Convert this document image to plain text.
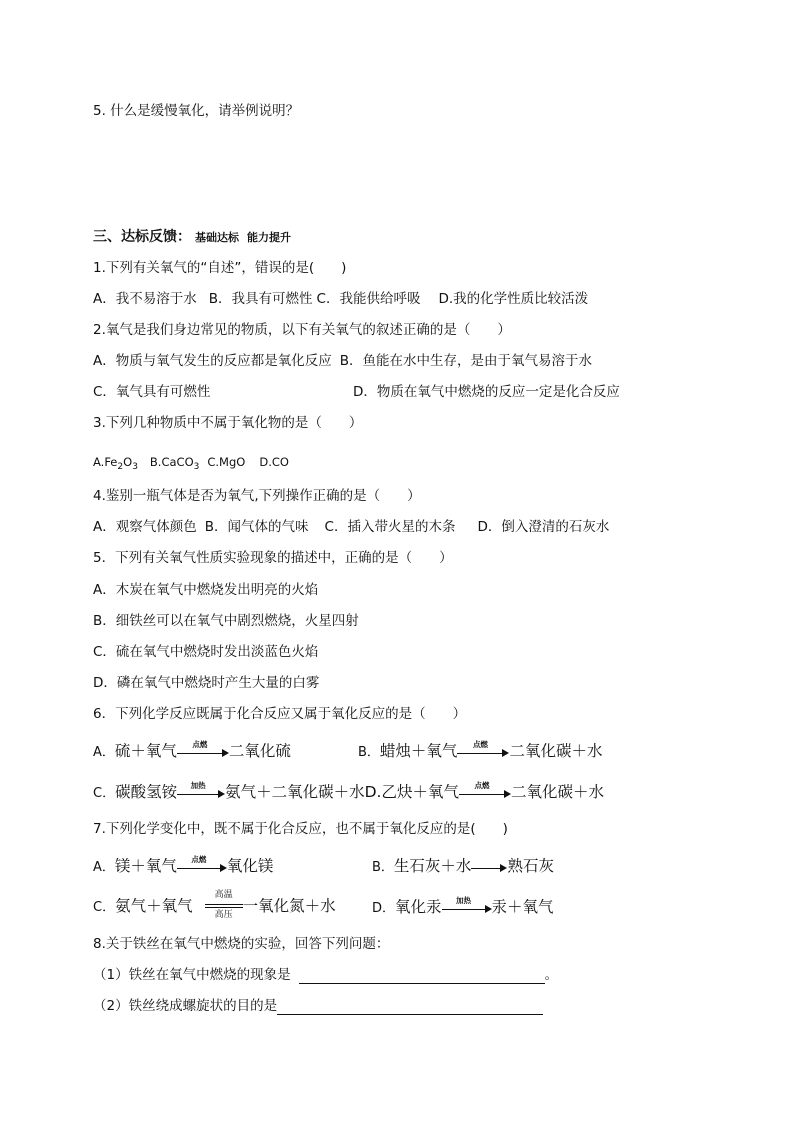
5. 什么是缓慢氧化，请举例说明？
三、达标反馈： 基础达标 能力提升
1.下列有关氧气的“自述”，错误的是(　　)
A．我不易溶于水 B．我具有可燃性 C．我能供给呼吸 D.我的化学性质比较活泼
2.氧气是我们身边常见的物质，以下有关氧气的叙述正确的是（　　）
A．物质与氧气发生的反应都是氧化反应 B．鱼能在水中生存，是由于氧气易溶于水
C．氧气具有可燃性	D．物质在氧气中燃烧的反应一定是化合反应
3.下列几种物质中不属于氧化物的是（　　）
$A.Fe_2O_3$ B.CaCO$_3$ C.MgO D.CO
4.鉴别一瓶气体是否为氧气,下列操作正确的是（　　）
A．观察气体颜色 B．闻气体的气味 C．插入带火星的木条 D．倒入澄清的石灰水
5．下列有关氧气性质实验现象的描述中，正确的是（　　）
A．木炭在氧气中燃烧发出明亮的火焰
B．细铁丝可以在氧气中剧烈燃烧，火星四射
C．硫在氧气中燃烧时发出淡蓝色火焰
D．磷在氧气中燃烧时产生大量的白雾
6．下列化学反应既属于化合反应又属于氧化反应的是（　　）
A．硫＋氧气	点燃	二氧化硫	B．蜡烛＋氧气	点燃	二氧化碳＋水
C．碳酸氢铵	加热	氨气＋二氧化碳＋水D.乙炔＋氧气	点燃	二氧化碳＋水
7.下列化学变化中，既不属于化合反应，也不属于氧化反应的是(　　)
A．镁＋氧气	点燃	氧化镁	B．生石灰＋水 熟石灰
C．氨气＋氧气
高温
高压 一氧化氮＋水	D．氧化汞	加热	汞＋氧气
8.关于铁丝在氧气中燃烧的实验，回答下列问题：
（1）铁丝在氧气中燃烧的现象是	。
（2）铁丝绕成螺旋状的目的是
